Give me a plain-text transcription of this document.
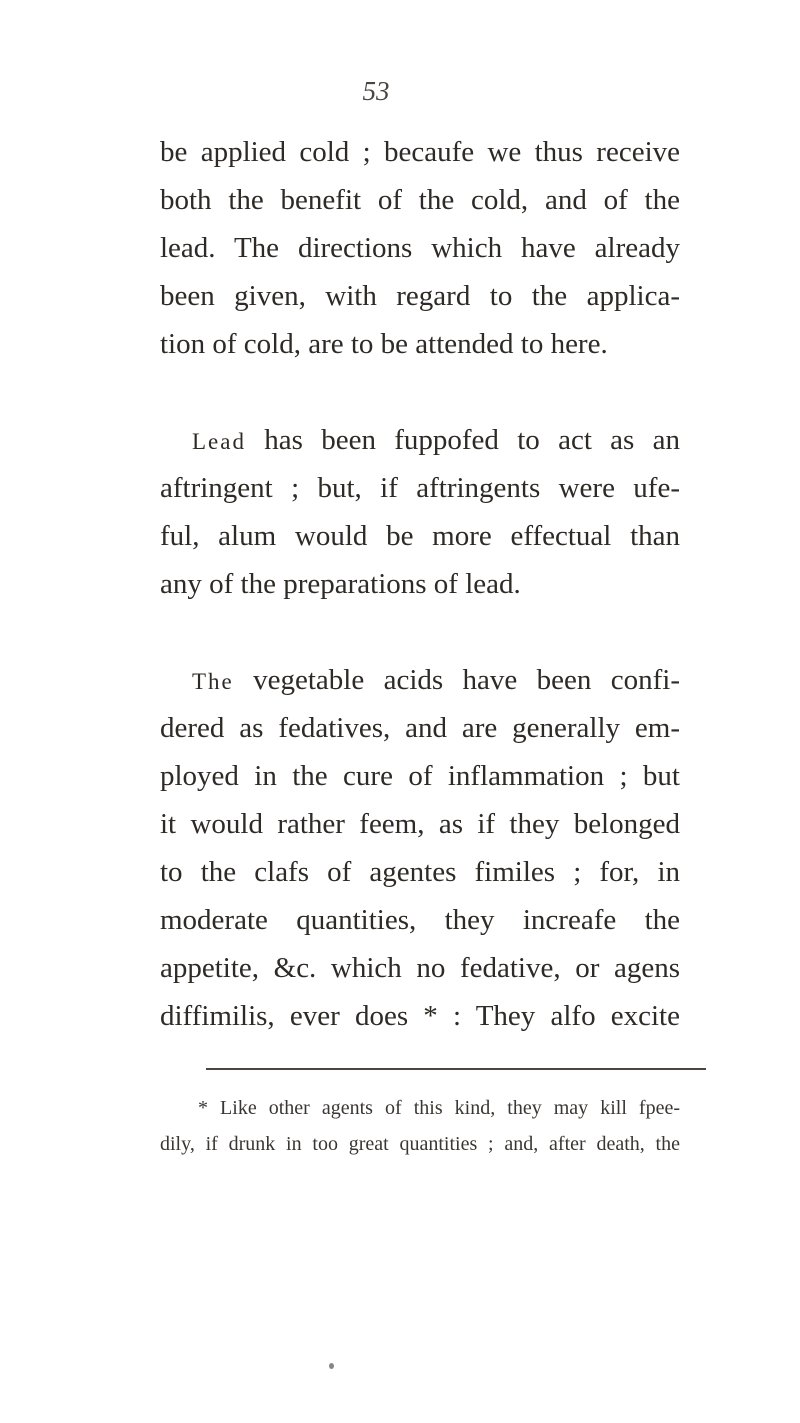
53
be applied cold ; becaufe we thus receive
both the benefit of the cold, and of the
lead. The directions which have already
been given, with regard to the applica-
tion of cold, are to be attended to here.
Lead has been fuppofed to act as an
aftringent ; but, if aftringents were ufe-
ful, alum would be more effectual than
any of the preparations of lead.
The vegetable acids have been confi-
dered as fedatives, and are generally em-
ployed in the cure of inflammation ; but
it would rather feem, as if they belonged
to the clafs of agentes fimiles ; for, in
moderate quantities, they increafe the
appetite, &c. which no fedative, or agens
diffimilis, ever does * : They alfo excite
* Like other agents of this kind, they may kill fpee-
dily, if drunk in too great quantities ; and, after death, the
